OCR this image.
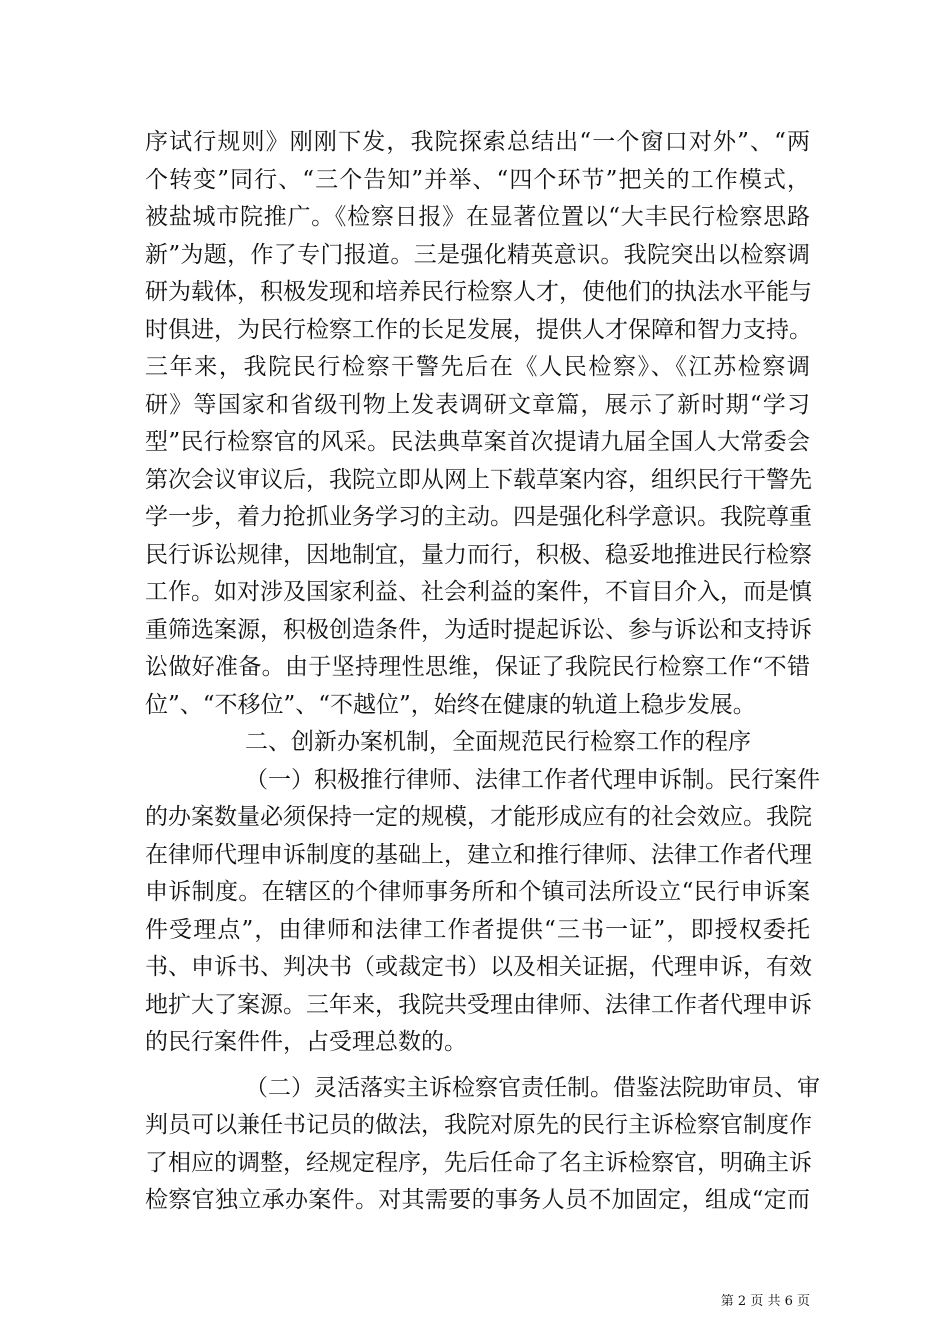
序试行规则》刚刚下发，我院探索总结出“一个窗口对外”、“两
个转变”同行、“三个告知”并举、“四个环节”把关的工作模式，
被盐城市院推广。《检察日报》在显著位置以“大丰民行检察思路
新”为题，作了专门报道。三是强化精英意识。我院突出以检察调
研为载体，积极发现和培养民行检察人才，使他们的执法水平能与
时俱进，为民行检察工作的长足发展，提供人才保障和智力支持。
三年来，我院民行检察干警先后在《人民检察》、《江苏检察调
研》等国家和省级刊物上发表调研文章篇，展示了新时期“学习
型”民行检察官的风采。民法典草案首次提请九届全国人大常委会
第次会议审议后，我院立即从网上下载草案内容，组织民行干警先
学一步，着力抢抓业务学习的主动。四是强化科学意识。我院尊重
民行诉讼规律，因地制宜，量力而行，积极、稳妥地推进民行检察
工作。如对涉及国家利益、社会利益的案件，不盲目介入，而是慎
重筛选案源，积极创造条件，为适时提起诉讼、参与诉讼和支持诉
讼做好准备。由于坚持理性思维，保证了我院民行检察工作“不错
位”、“不移位”、“不越位”，始终在健康的轨道上稳步发展。
二、创新办案机制，全面规范民行检察工作的程序
（一）积极推行律师、法律工作者代理申诉制。民行案件
的办案数量必须保持一定的规模，才能形成应有的社会效应。我院
在律师代理申诉制度的基础上，建立和推行律师、法律工作者代理
申诉制度。在辖区的个律师事务所和个镇司法所设立“民行申诉案
件受理点”，由律师和法律工作者提供“三书一证”，即授权委托
书、申诉书、判决书（或裁定书）以及相关证据，代理申诉，有效
地扩大了案源。三年来，我院共受理由律师、法律工作者代理申诉
的民行案件件，占受理总数的。
（二）灵活落实主诉检察官责任制。借鉴法院助审员、审
判员可以兼任书记员的做法，我院对原先的民行主诉检察官制度作
了相应的调整，经规定程序，先后任命了名主诉检察官，明确主诉
检察官独立承办案件。对其需要的事务人员不加固定，组成“定而
第 2 页 共 6 页
